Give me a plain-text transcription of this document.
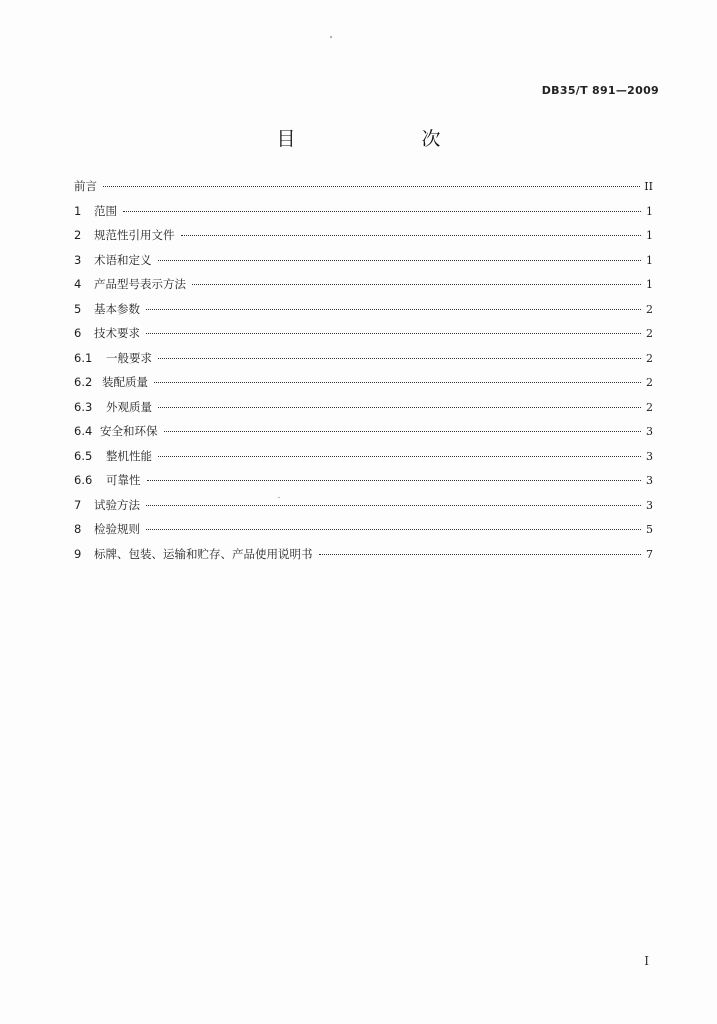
DB35/T 891—2009
目 次
前言	II
1	范围	1
2	规范性引用文件	1
3	术语和定义	1
4	产品型号表示方法	1
5	基本参数	2
6	技术要求	2
6.1	一般要求	2
6.2 装配质量	2
6.3	外观质量	2
6.4 安全和环保	3
6.5	整机性能	3
6.6	可靠性	3
7	试验方法	3
8	检验规则	5
9	标牌、包装、运输和贮存、产品使用说明书	7
I
